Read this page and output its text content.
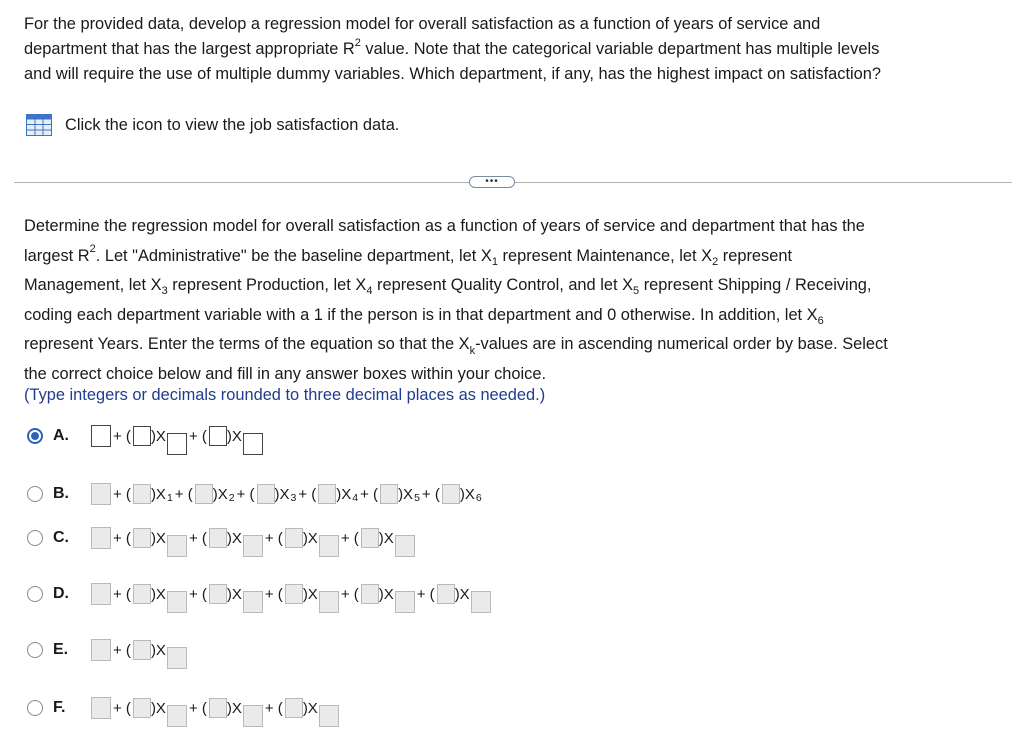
For the provided data, develop a regression model for overall satisfaction as a function of years of service and
department that has the largest appropriate $R^2$ value. Note that the categorical variable department has multiple levels
and will require the use of multiple dummy variables. Which department, if any, has the highest impact on satisfaction?
Click the icon to view the job satisfaction data.
•••
Determine the regression model for overall satisfaction as a function of years of service and department that has the
largest $R^2$. Let "Administrative" be the baseline department, let $X_1$ represent Maintenance, let $X_2$ represent
Management, let $X_3$ represent Production, let $X_4$ represent Quality Control, and let $X_5$ represent Shipping / Receiving,
coding each department variable with a 1 if the person is in that department and 0 otherwise. In addition, let $X_6$
represent Years. Enter the terms of the equation so that the $X_k$-values are in ascending numerical order by base. Select
the correct choice below and fill in any answer boxes within your choice.
(Type integers or decimals rounded to three decimal places as needed.)
A.	+ ( )X + ( )X
B.	+ ( )X 1 + ( )X 2 + ( )X 3 + ( )X 4 + ( )X 5 + ( )X 6
C.	+ ( )X + ( )X + ( )X + ( )X
D.	+ ( )X + ( )X + ( )X + ( )X + ( )X
E.	+ ( )X
F.	+ ( )X + ( )X + ( )X
